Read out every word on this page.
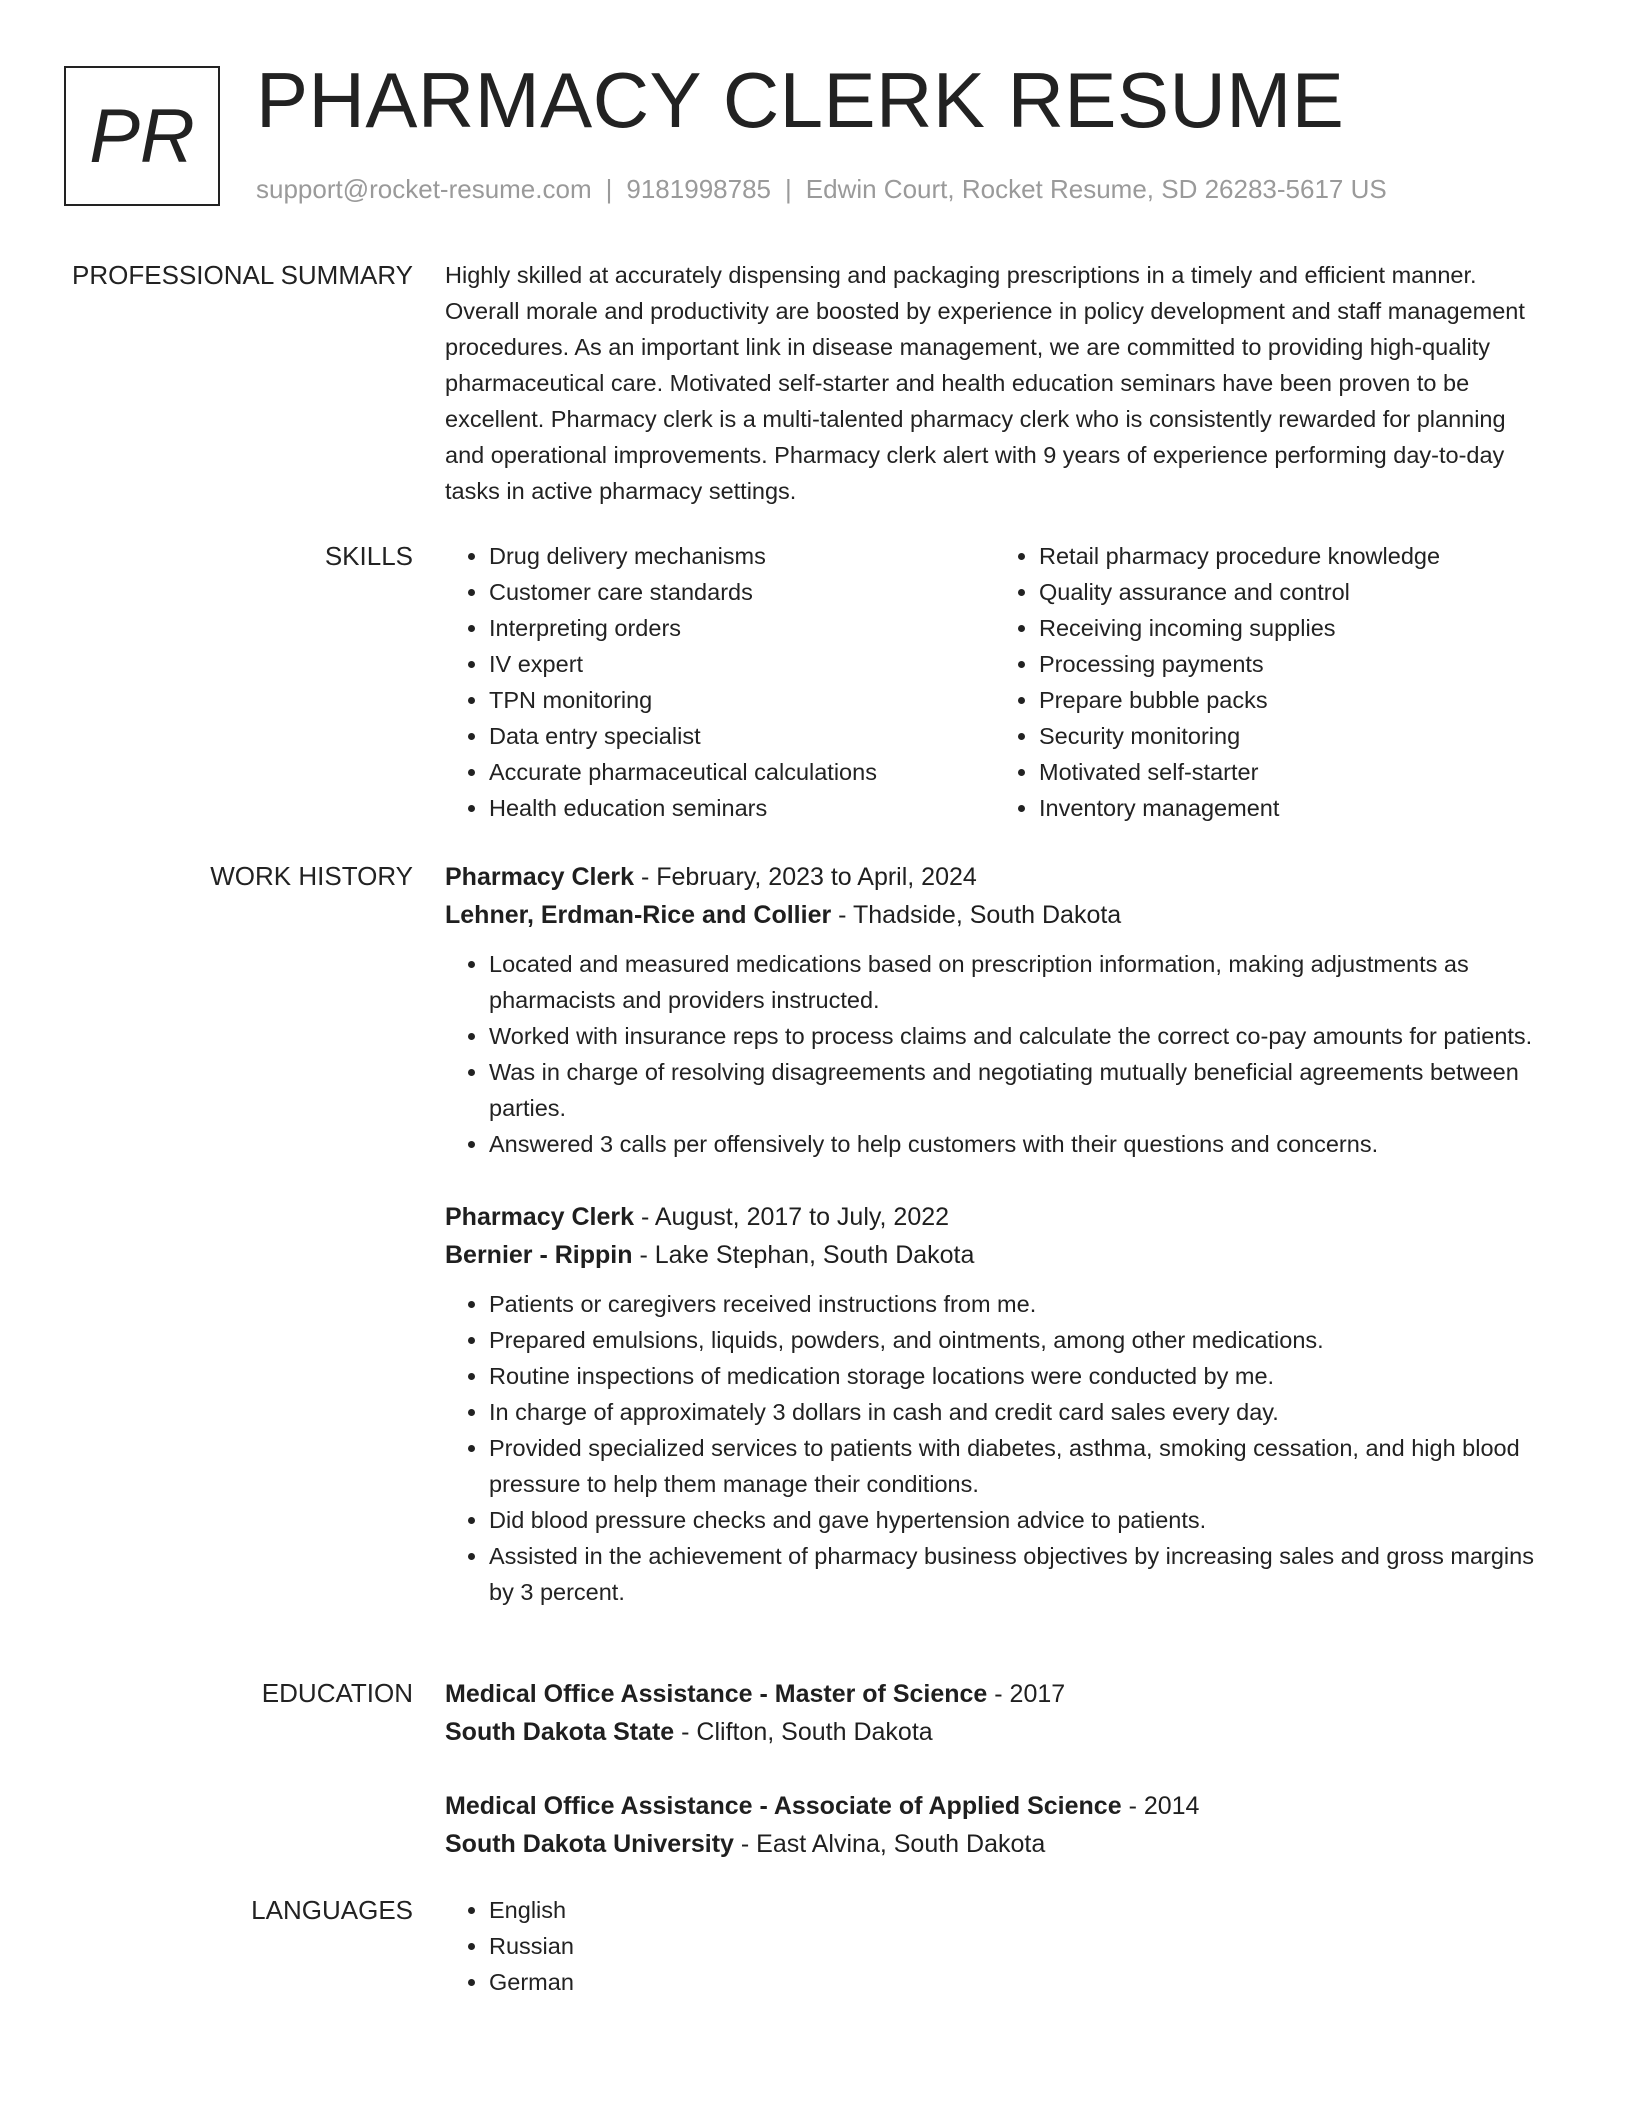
PR PHARMACY CLERK RESUME
support@rocket-resume.com | 9181998785 | Edwin Court, Rocket Resume, SD 26283-5617 US
PROFESSIONAL SUMMARY Highly skilled at accurately dispensing and packaging prescriptions in a timely and efficient manner. Overall morale and productivity are boosted by experience in policy development and staff management procedures. As an important link in disease management, we are committed to providing high-quality pharmaceutical care. Motivated self-starter and health education seminars have been proven to be excellent. Pharmacy clerk is a multi-talented pharmacy clerk who is consistently rewarded for planning and operational improvements. Pharmacy clerk alert with 9 years of experience performing day-to-day tasks in active pharmacy settings.

SKILLS	• Drug delivery mechanisms
• Customer care standards
• Interpreting orders
• IV expert
• TPN monitoring
• Data entry specialist
• Accurate pharmaceutical calculations
• Health education seminars
• Retail pharmacy procedure knowledge
• Quality assurance and control
• Receiving incoming supplies
• Processing payments
• Prepare bubble packs
• Security monitoring
• Motivated self-starter
• Inventory management
WORK HISTORY Pharmacy Clerk - February, 2023 to April, 2024

Lehner, Erdman-Rice and Collier - Thadside, South Dakota

• Located and measured medications based on prescription information, making adjustments as pharmacists and providers instructed.
• Worked with insurance reps to process claims and calculate the correct co-pay amounts for patients.
• Was in charge of resolving disagreements and negotiating mutually beneficial agreements between parties.
• Answered 3 calls per offensively to help customers with their questions and concerns.

Pharmacy Clerk - August, 2017 to July, 2022

Bernier - Rippin - Lake Stephan, South Dakota

• Patients or caregivers received instructions from me.
• Prepared emulsions, liquids, powders, and ointments, among other medications.
• Routine inspections of medication storage locations were conducted by me.
• In charge of approximately 3 dollars in cash and credit card sales every day.
• Provided specialized services to patients with diabetes, asthma, smoking cessation, and high blood pressure to help them manage their conditions.
• Did blood pressure checks and gave hypertension advice to patients.
• Assisted in the achievement of pharmacy business objectives by increasing sales and gross margins by 3 percent.
EDUCATION Medical Office Assistance - Master of Science - 2017

South Dakota State - Clifton, South Dakota

Medical Office Assistance - Associate of Applied Science - 2014

South Dakota University - East Alvina, South Dakota

LANGUAGES	• English
• Russian
• German
